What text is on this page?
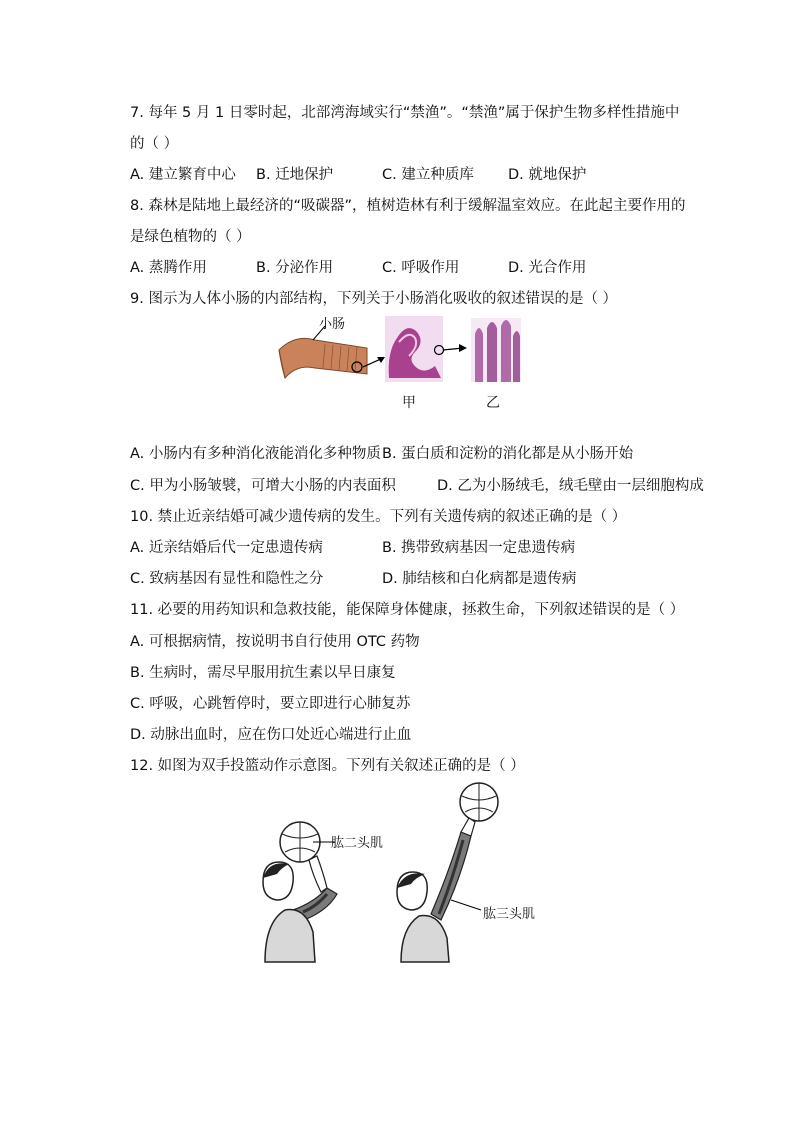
7. 每年 5 月 1 日零时起，北部湾海域实行“禁渔”。“禁渔”属于保护生物多样性措施中
的（ ）
A. 建立繁育中心 B. 迁地保护	C. 建立种质库 D. 就地保护
8. 森林是陆地上最经济的“吸碳器”，植树造林有利于缓解温室效应。在此起主要作用的
是绿色植物的（ ）
A. 蒸腾作用	B. 分泌作用	C. 呼吸作用	D. 光合作用
9. 图示为人体小肠的内部结构，下列关于小肠消化吸收的叙述错误的是（ ）
小肠
甲	乙
A. 小肠内有多种消化液能消化多种物质 B. 蛋白质和淀粉的消化都是从小肠开始
C. 甲为小肠皱襞，可增大小肠的内表面积	D. 乙为小肠绒毛，绒毛壁由一层细胞构成
10. 禁止近亲结婚可减少遗传病的发生。下列有关遗传病的叙述正确的是（ ）
A. 近亲结婚后代一定患遗传病	B. 携带致病基因一定患遗传病
C. 致病基因有显性和隐性之分	D. 肺结核和白化病都是遗传病
11. 必要的用药知识和急救技能，能保障身体健康，拯救生命，下列叙述错误的是（ ）
A. 可根据病情，按说明书自行使用 OTC 药物
B. 生病时，需尽早服用抗生素以早日康复
C. 呼吸，心跳暂停时，要立即进行心肺复苏
D. 动脉出血时，应在伤口处近心端进行止血
12. 如图为双手投篮动作示意图。下列有关叙述正确的是（ ）
肱二头肌
肱三头肌
